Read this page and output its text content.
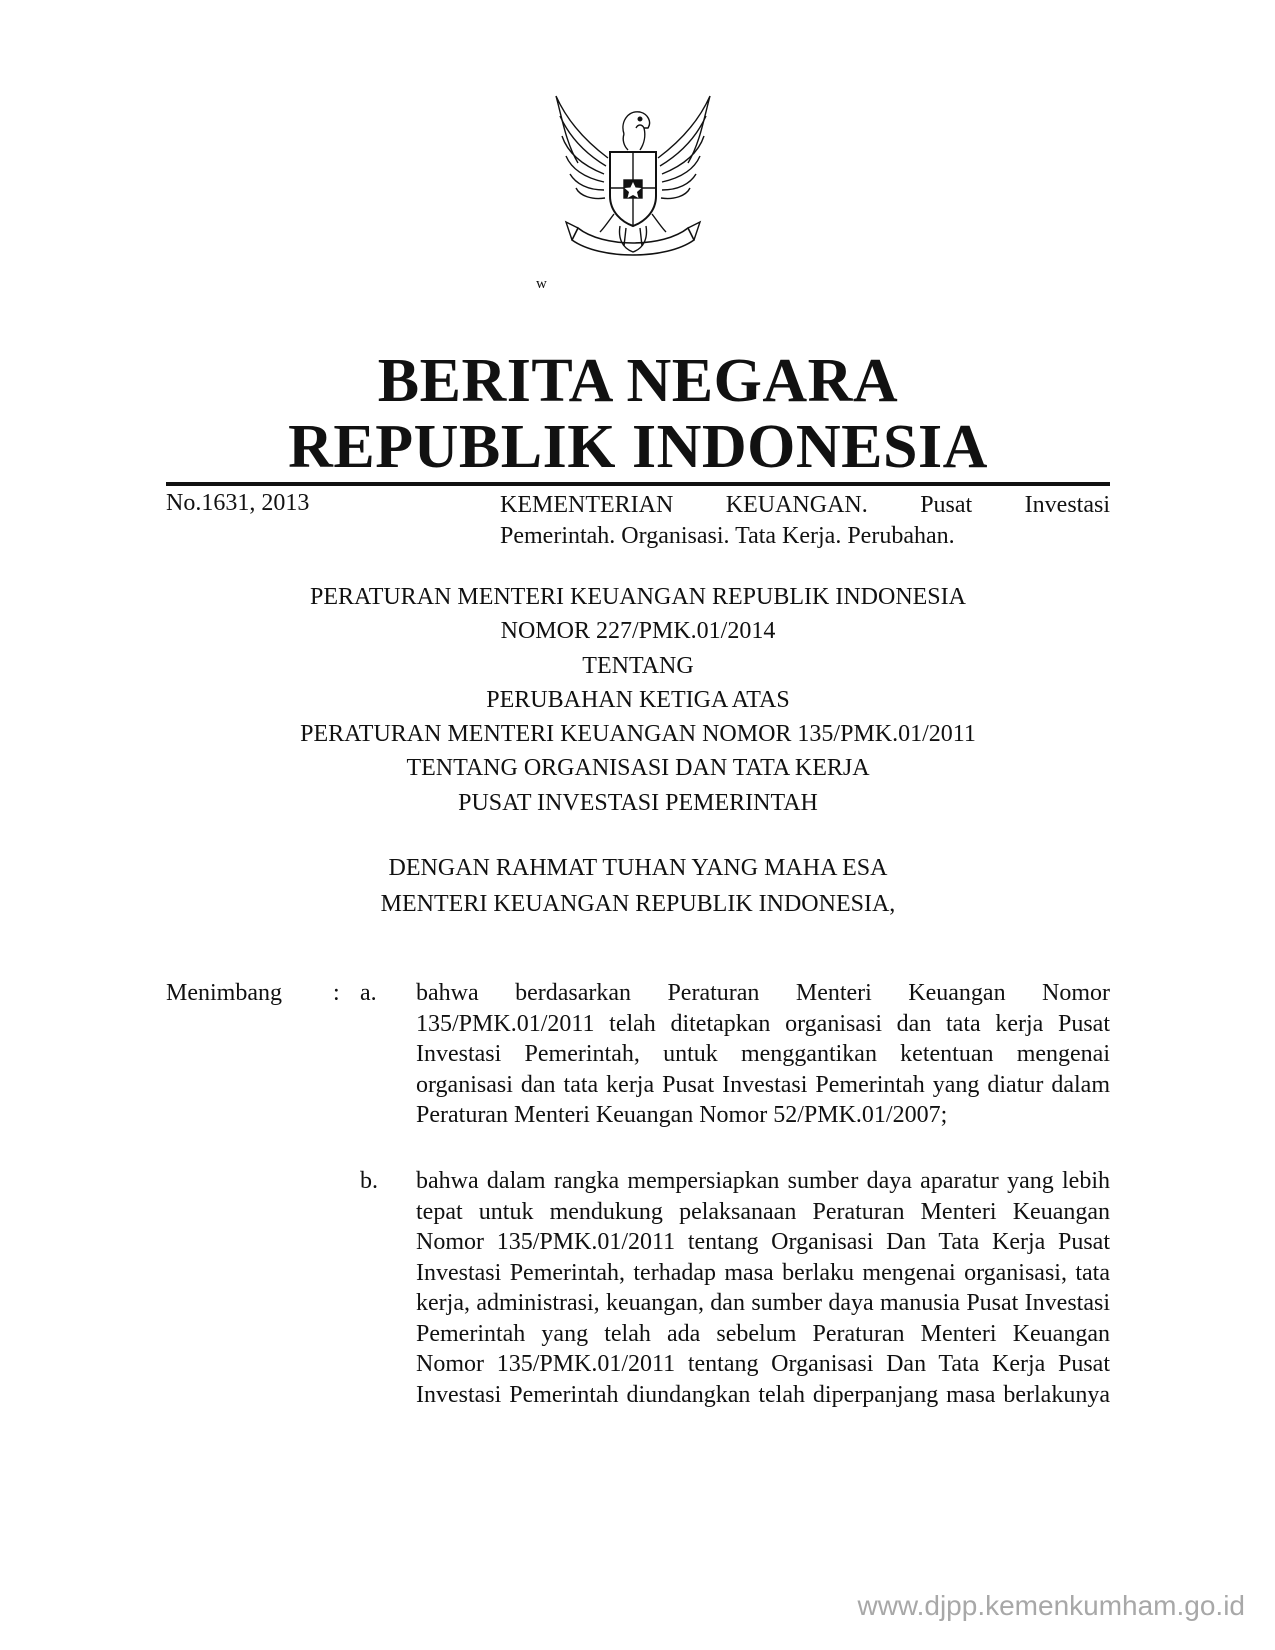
w
BERITA NEGARA
REPUBLIK INDONESIA
No.1631, 2013	KEMENTERIAN KEUANGAN. Pusat Investasi
Pemerintah. Organisasi. Tata Kerja. Perubahan.
PERATURAN MENTERI KEUANGAN REPUBLIK INDONESIA
NOMOR 227/PMK.01/2014
TENTANG
PERUBAHAN KETIGA ATAS
PERATURAN MENTERI KEUANGAN NOMOR 135/PMK.01/2011
TENTANG ORGANISASI DAN TATA KERJA
PUSAT INVESTASI PEMERINTAH
DENGAN RAHMAT TUHAN YANG MAHA ESA
MENTERI KEUANGAN REPUBLIK INDONESIA,
Menimbang : a. bahwa berdasarkan Peraturan Menteri Keuangan Nomor 135/PMK.01/2011 telah ditetapkan organisasi dan tata kerja Pusat Investasi Pemerintah, untuk menggantikan ketentuan mengenai organisasi dan tata kerja Pusat Investasi Pemerintah yang diatur dalam Peraturan Menteri Keuangan Nomor 52/PMK.01/2007;
b. bahwa dalam rangka mempersiapkan sumber daya aparatur yang lebih tepat untuk mendukung pelaksanaan Peraturan Menteri Keuangan Nomor 135/PMK.01/2011 tentang Organisasi Dan Tata Kerja Pusat Investasi Pemerintah, terhadap masa berlaku mengenai organisasi, tata kerja, administrasi, keuangan, dan sumber daya manusia Pusat Investasi Pemerintah yang telah ada sebelum Peraturan Menteri Keuangan Nomor 135/PMK.01/2011 tentang Organisasi Dan Tata Kerja Pusat Investasi Pemerintah diundangkan telah diperpanjang masa berlakunya
www.djpp.kemenkumham.go.id
